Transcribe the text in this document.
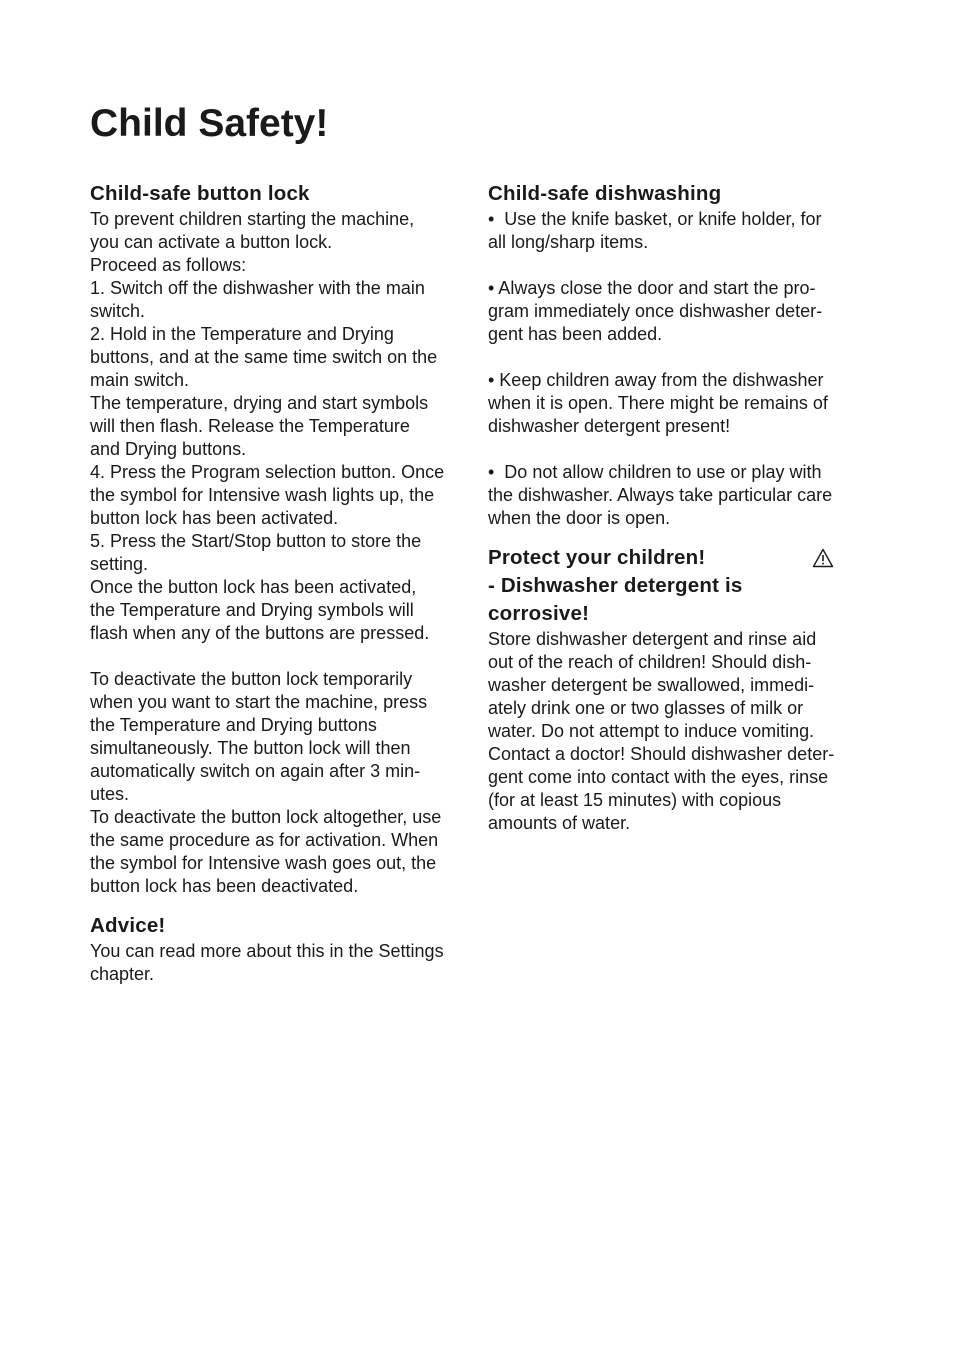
Child Safety!
Child-safe button lock

To prevent children starting the machine,

you can activate a button lock.

Proceed as follows:

1. Switch off the dishwasher with the main

switch.

2. Hold in the Temperature and Drying

buttons, and at the same time switch on the

main switch.

The temperature, drying and start symbols

will then flash. Release the Temperature

and Drying buttons.

4. Press the Program selection button. Once

the symbol for Intensive wash lights up, the

button lock has been activated.

5. Press the Start/Stop button to store the

setting.

Once the button lock has been activated,

the Temperature and Drying symbols will

flash when any of the buttons are pressed.

To deactivate the button lock temporarily

when you want to start the machine, press

the Temperature and Drying buttons

simultaneously. The button lock will then

automatically switch on again after 3 min-

utes.

To deactivate the button lock altogether, use

the same procedure as for activation. When

the symbol for Intensive wash goes out, the

button lock has been deactivated.

Advice!

You can read more about this in the Settings

chapter.

Child-safe dishwashing

•  Use the knife basket, or knife holder, for

all long/sharp items.

• Always close the door and start the pro-

gram immediately once dishwasher deter-

gent has been added.

• Keep children away from the dishwasher

when it is open. There might be remains of

dishwasher detergent present!

•  Do not allow children to use or play with

the dishwasher. Always take particular care

when the door is open.

Protect your children!
- Dishwasher detergent is
corrosive!

Store dishwasher detergent and rinse aid

out of the reach of children! Should dish-

washer detergent be swallowed, immedi-

ately drink one or two glasses of milk or

water. Do not attempt to induce vomiting.

Contact a doctor! Should dishwasher deter-

gent come into contact with the eyes, rinse

(for at least 15 minutes) with copious

amounts of water.
